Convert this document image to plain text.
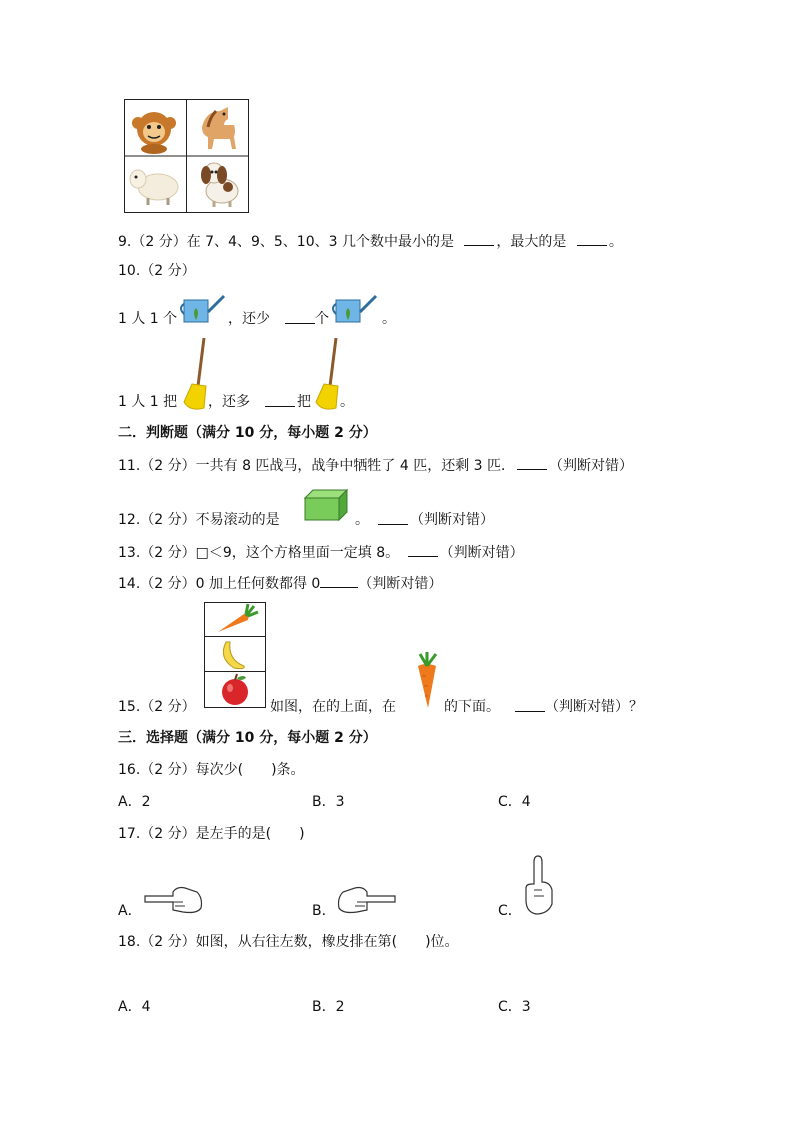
9.（2 分）在 7、4、9、5、10、3 几个数中最小的是	，最大的是	。
10.（2 分）
1 人 1 个	，还少	个	。
1 人 1 把 ，还多	把 。
二．判断题（满分 10 分，每小题 2 分）
11.（2 分）一共有 8 匹战马，战争中牺牲了 4 匹，还剩 3 匹． （判断对错）
12.（2 分）不易滚动的是	。	（判断对错）
13.（2 分）□＜9，这个方格里面一定填 8。	（判断对错）
14.（2 分）0 加上任何数都得 0	（判断对错）
15.（2 分）	如图，在的上面，在	的下面。	（判断对错）？
三．选择题（满分 10 分，每小题 2 分）
16.（2 分）每次少(　　)条。
A．2	B．3	C．4
17.（2 分）是左手的是(　　)
A．	B．	C．
18.（2 分）如图，从右往左数，橡皮排在第(　　)位。
A．4	B．2	C．3
